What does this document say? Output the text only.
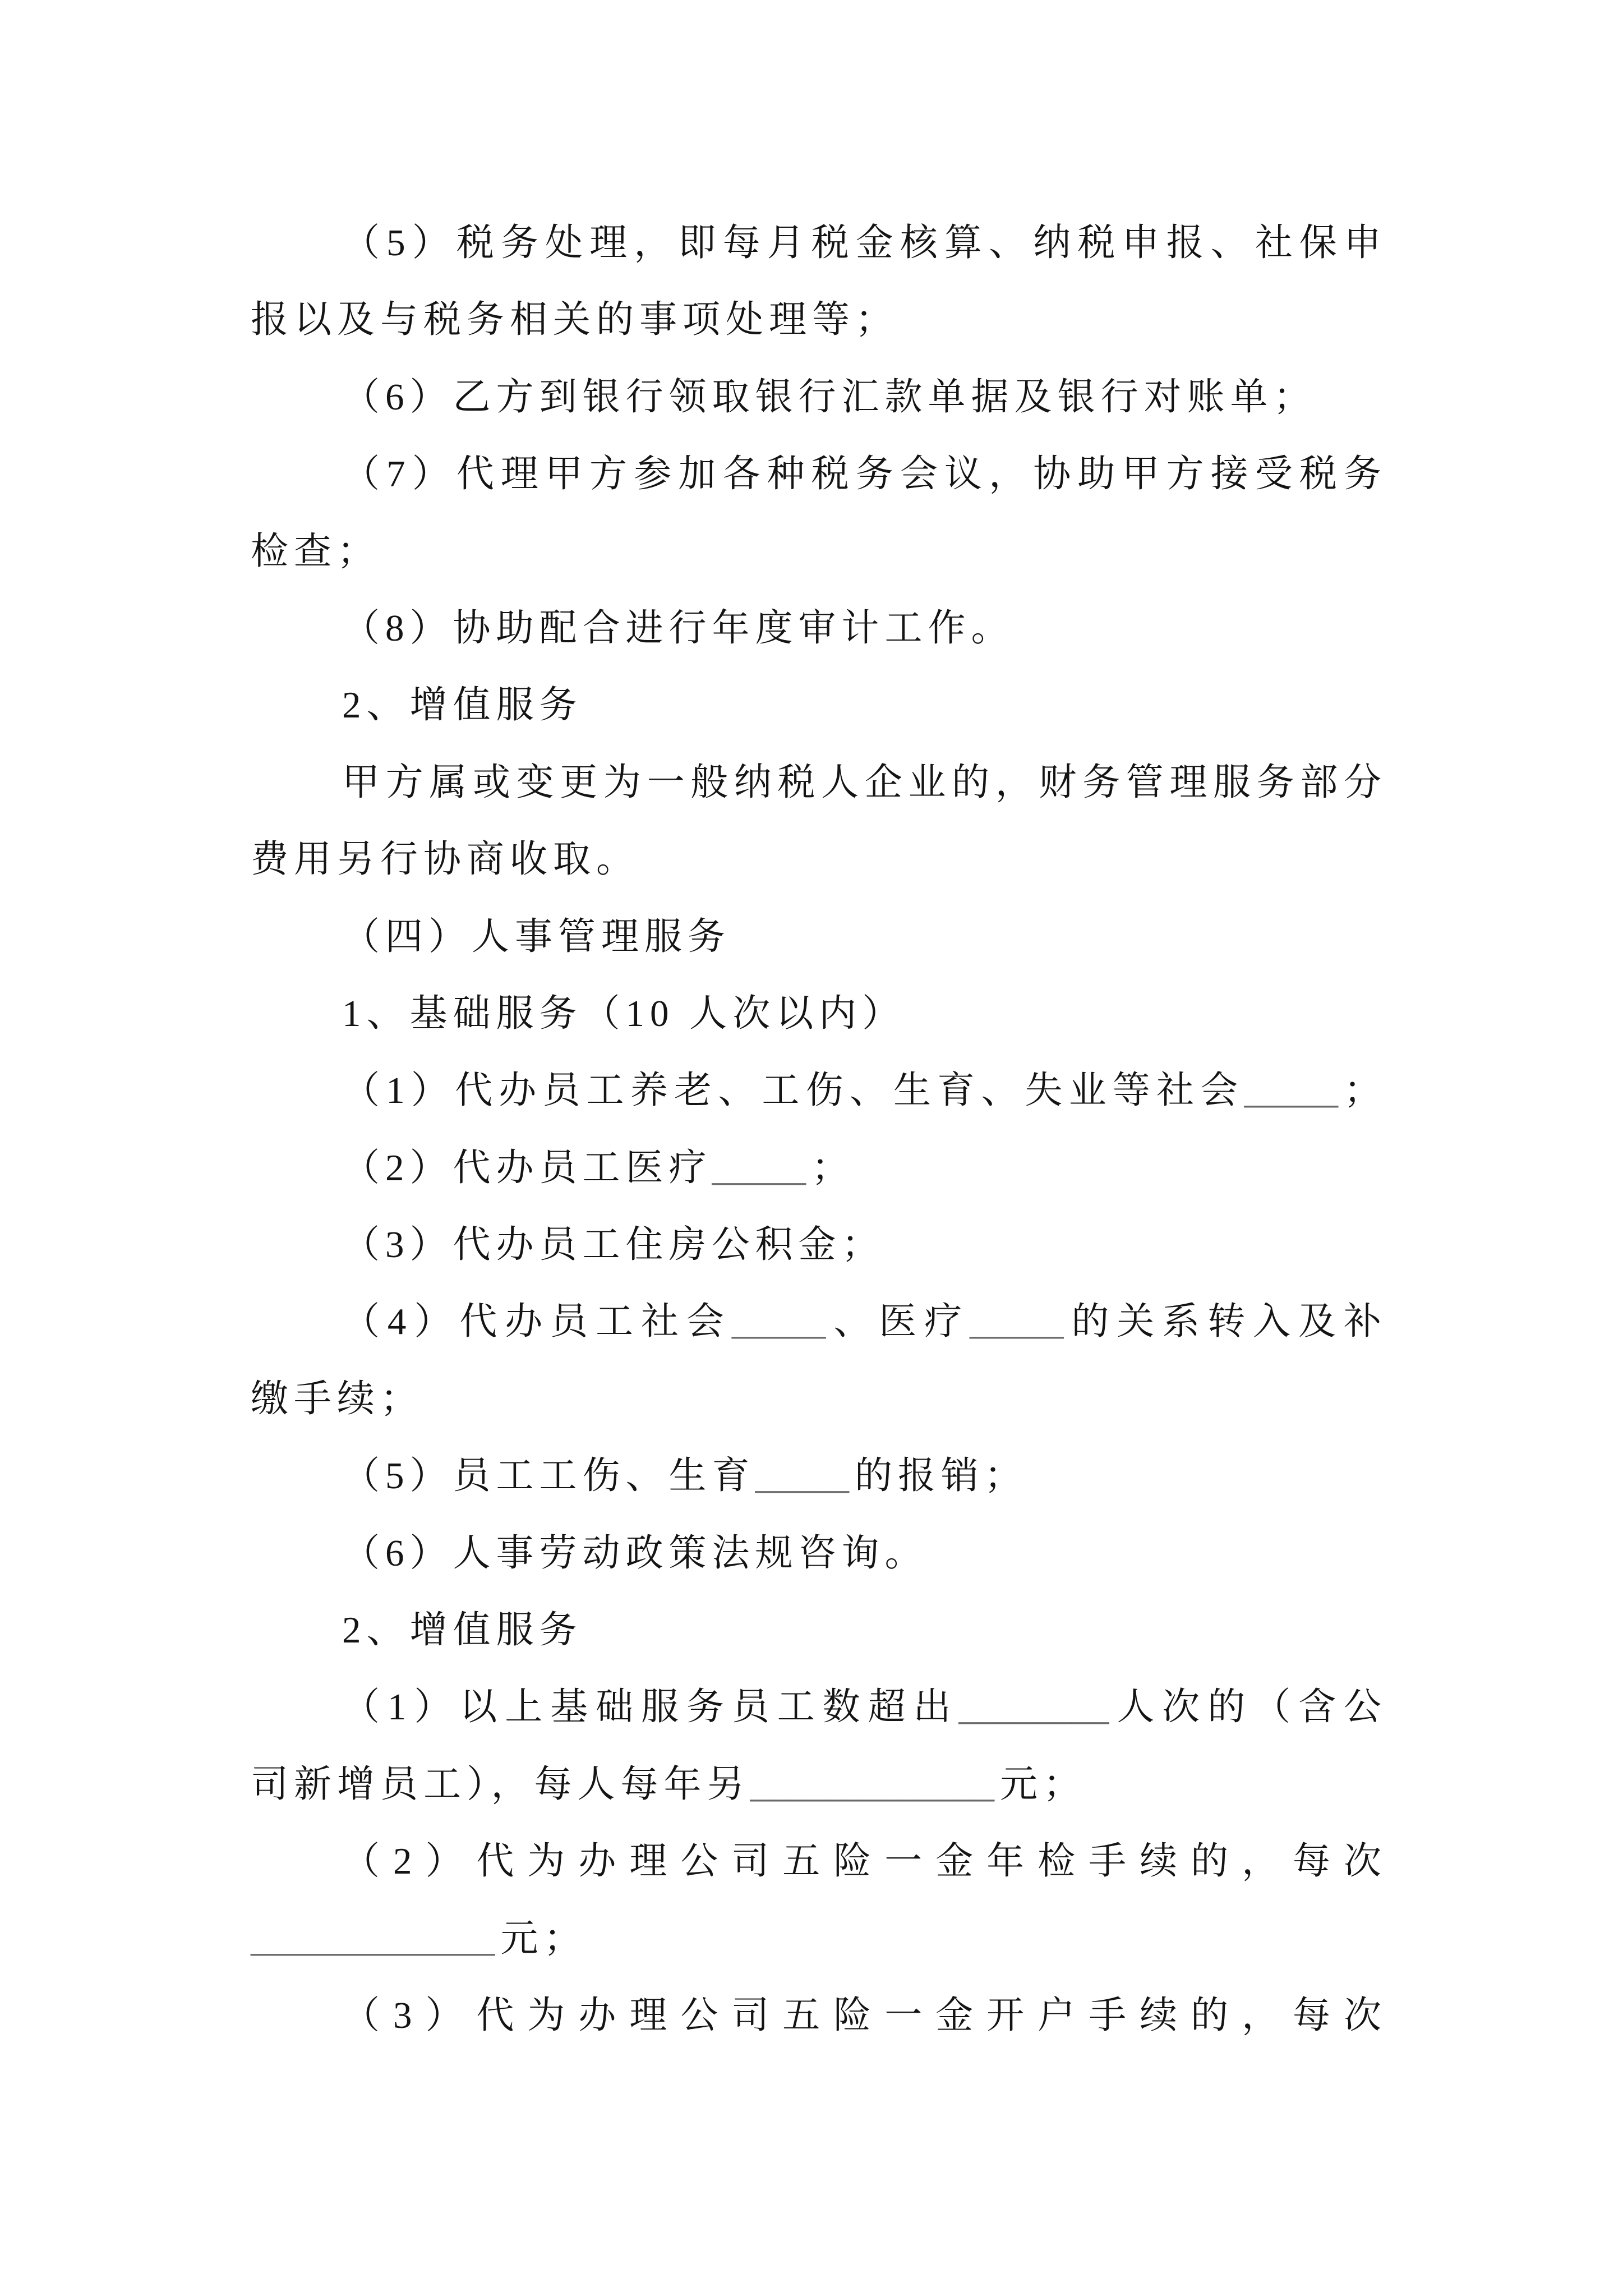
（5）税务处理，即每月税金核算、纳税申报、社保申
报以及与税务相关的事项处理等；
（6）乙方到银行领取银行汇款单据及银行对账单；
（7）代理甲方参加各种税务会议，协助甲方接受税务
检查；
（8）协助配合进行年度审计工作。
2、增值服务
甲方属或变更为一般纳税人企业的，财务管理服务部分
费用另行协商收取。
（四）人事管理服务
1、基础服务（10 人次以内）
（1）代办员工养老、工伤、生育、失业等社会_____ ；
（2）代办员工医疗_____ ；
（3）代办员工住房公积金；
（4）代办员工社会_____ 、医疗_____ 的关系转入及补
缴手续；
（5）员工工伤、生育_____ 的报销；
（6）人事劳动政策法规咨询。
2、增值服务
（1）以上基础服务员工数超出________ 人次的（含公
司新增员工），每人每年另_____________ 元；
（2）代为办理公司五险一金年检手续的，每次
_____________ 元；
（3）代为办理公司五险一金开户手续的，每次
